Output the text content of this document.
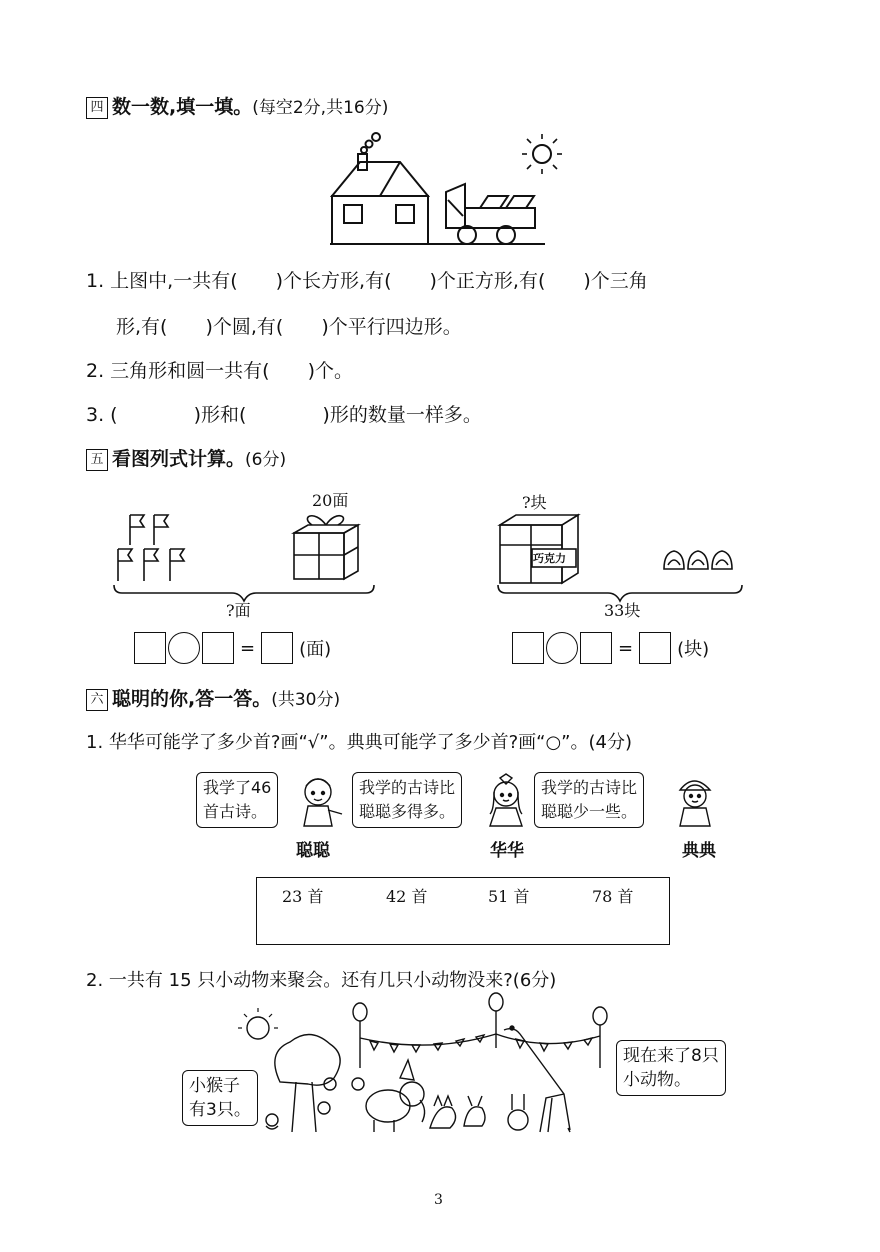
四 数一数,填一填。(每空2分,共16分)
1. 上图中,一共有(　　)个长方形,有(　　)个正方形,有(　　)个三角
形,有(　　)个圆,有(　　)个平行四边形。
2. 三角形和圆一共有(　　)个。
3. (　　　　)形和(　　　　)形的数量一样多。
五 看图列式计算。(6分)
20面
?面
= (面)
?块
巧克力
33块
= (块)
六 聪明的你,答一答。(共30分)
1. 华华可能学了多少首?画“√”。典典可能学了多少首?画“○”。(4分)
我学了46
首古诗。
聪聪
我学的古诗比
聪聪多得多。
华华
我学的古诗比
聪聪少一些。
典典
23 首	42 首	51 首	78 首
2. 一共有 15 只小动物来聚会。还有几只小动物没来?(6分)
小猴子
有3只。
现在来了8只
小动物。
3
